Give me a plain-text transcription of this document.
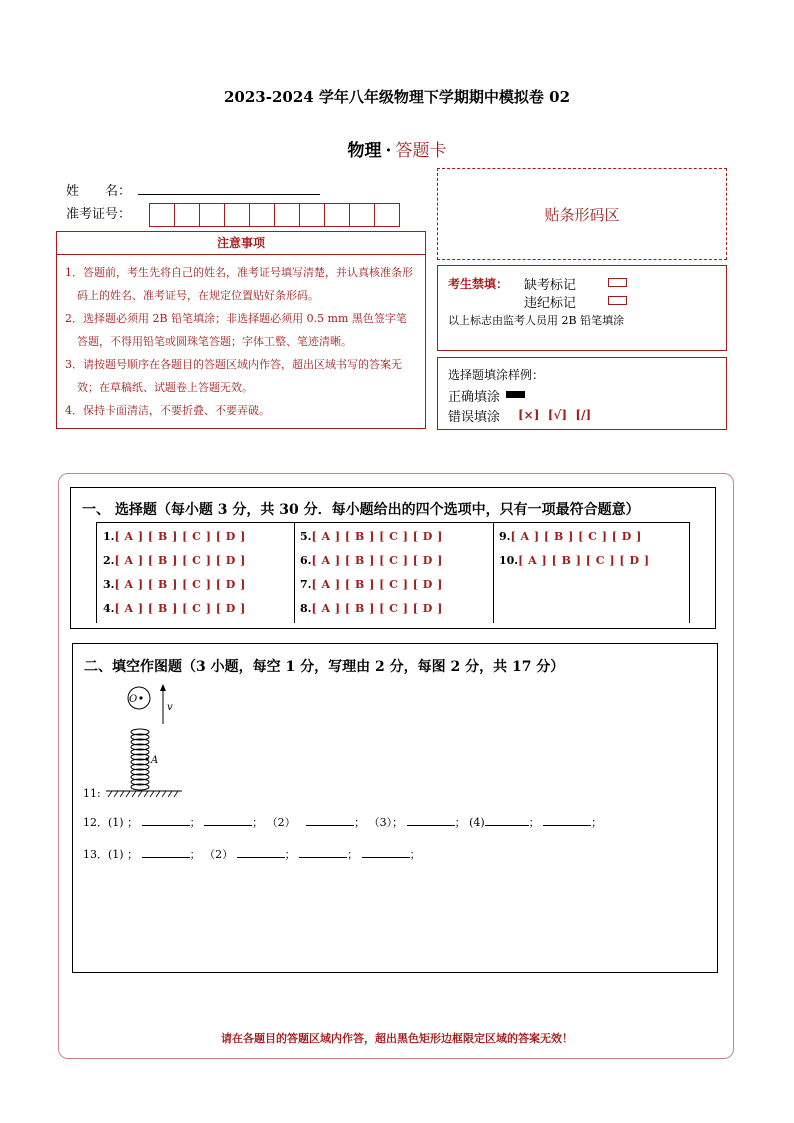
2023-2024 学年八年级物理下学期期中模拟卷 02
物理 · 答题卡
姓　　名：
准考证号：	贴条形码区
注意事项
1．答题前，考生先将自己的姓名，准考证号填写清楚，并认真核准条形码上的姓名、准考证号，在规定位置贴好条形码。
2．选择题必须用 2B 铅笔填涂；非选择题必须用 0.5 mm 黑色签字笔答题，不得用铅笔或圆珠笔答题；字体工整、笔迹清晰。
3．请按题号顺序在各题目的答题区域内作答，超出区域书写的答案无效；在草稿纸、试题卷上答题无效。
4．保持卡面清洁，不要折叠、不要弄破。
考生禁填： 缺考标记
违纪标记
以上标志由监考人员用 2B 铅笔填涂
选择题填涂样例：
正确填涂
错误填涂 [×] [√] [/]
一、 选择题（每小题 3 分，共 30 分．每小题给出的四个选项中，只有一项最符合题意）
1.[ A ] [ B ] [ C ] [ D ]
2.[ A ] [ B ] [ C ] [ D ]
3.[ A ] [ B ] [ C ] [ D ]
4.[ A ] [ B ] [ C ] [ D ]
5.[ A ] [ B ] [ C ] [ D ]
6.[ A ] [ B ] [ C ] [ D ]
7.[ A ] [ B ] [ C ] [ D ]
8.[ A ] [ B ] [ C ] [ D ]
9.[ A ] [ B ] [ C ] [ D ]
10.[ A ] [ B ] [ C ] [ D ]
二、填空作图题（3 小题，每空 1 分，写理由 2 分，每图 2 分，共 17 分）
O
v
A
11:
12．(1) ；	；	； （2）	； （3）；	； (4)	；	；
13．(1) ；	； （2）	；	；	；
请在各题目的答题区域内作答，超出黑色矩形边框限定区域的答案无效！
